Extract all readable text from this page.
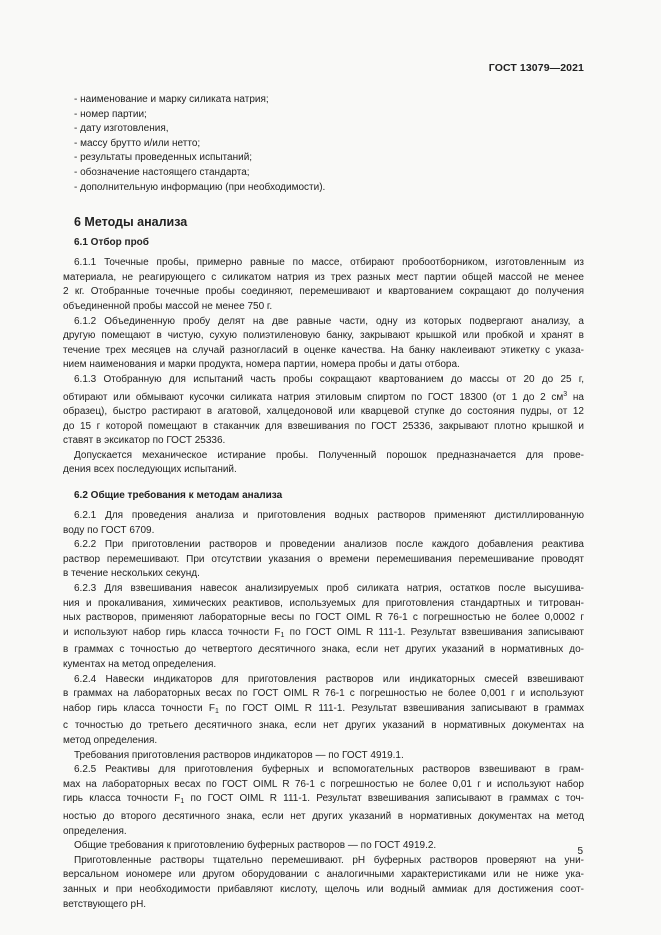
ГОСТ 13079—2021
- наименование и марку силиката натрия;
- номер партии;
- дату изготовления,
- массу брутто и/или нетто;
- результаты проведенных испытаний;
- обозначение настоящего стандарта;
- дополнительную информацию (при необходимости).
6 Методы анализа
6.1 Отбор проб
6.1.1 Точечные пробы, примерно равные по массе, отбирают пробоотборником, изготовленным из
материала, не реагирующего с силикатом натрия из трех разных мест партии общей массой не менее
2 кг. Отобранные точечные пробы соединяют, перемешивают и квартованием сокращают до получения
объединенной пробы массой не менее 750 г.
6.1.2 Объединенную пробу делят на две равные части, одну из которых подвергают анализу, а
другую помещают в чистую, сухую полиэтиленовую банку, закрывают крышкой или пробкой и хранят в
течение трех месяцев на случай разногласий в оценке качества. На банку наклеивают этикетку с указа-
нием наименования и марки продукта, номера партии, номера пробы и даты отбора.
6.1.3 Отобранную для испытаний часть пробы сокращают квартованием до массы от 20 до 25 г,
обтирают или обмывают кусочки силиката натрия этиловым спиртом по ГОСТ 18300 (от 1 до 2 $см^3$ на
образец), быстро растирают в агатовой, халцедоновой или кварцевой ступке до состояния пудры, от 12
до 15 г которой помещают в стаканчик для взвешивания по ГОСТ 25336, закрывают плотно крышкой и
ставят в эксикатор по ГОСТ 25336.
Допускается механическое истирание пробы. Полученный порошок предназначается для прове-
дения всех последующих испытаний.
6.2 Общие требования к методам анализа
6.2.1 Для проведения анализа и приготовления водных растворов применяют дистиллированную
воду по ГОСТ 6709.
6.2.2 При приготовлении растворов и проведении анализов после каждого добавления реактива
раствор перемешивают. При отсутствии указания о времени перемешивания перемешивание проводят
в течение нескольких секунд.
6.2.3 Для взвешивания навесок анализируемых проб силиката натрия, остатков после высушива-
ния и прокаливания, химических реактивов, используемых для приготовления стандартных и титрован-
ных растворов, применяют лабораторные весы по ГОСТ OIML R 76-1 с погрешностью не более 0,0002 г
и используют набор гирь класса точности $F_1$ по ГОСТ OIML R 111-1. Результат взвешивания записывают
в граммах с точностью до четвертого десятичного знака, если нет других указаний в нормативных до-
кументах на метод определения.
6.2.4 Навески индикаторов для приготовления растворов или индикаторных смесей взвешивают
в граммах на лабораторных весах по ГОСТ OIML R 76-1 с погрешностью не более 0,001 г и используют
набор гирь класса точности $F_1$ по ГОСТ OIML R 111-1. Результат взвешивания записывают в граммах
с точностью до третьего десятичного знака, если нет других указаний в нормативных документах на
метод определения.
Требования приготовления растворов индикаторов — по ГОСТ 4919.1.
6.2.5 Реактивы для приготовления буферных и вспомогательных растворов взвешивают в грам-
мах на лабораторных весах по ГОСТ OIML R 76-1 с погрешностью не более 0,01 г и используют набор
гирь класса точности $F_1$ по ГОСТ OIML R 111-1. Результат взвешивания записывают в граммах с точ-
ностью до второго десятичного знака, если нет других указаний в нормативных документах на метод
определения.
Общие требования к приготовлению буферных растворов — по ГОСТ 4919.2.
Приготовленные растворы тщательно перемешивают. pH буферных растворов проверяют на уни-
версальном иономере или другом оборудовании с аналогичными характеристиками или не ниже ука-
занных и при необходимости прибавляют кислоту, щелочь или водный аммиак для достижения соот-
ветствующего pH.
5
